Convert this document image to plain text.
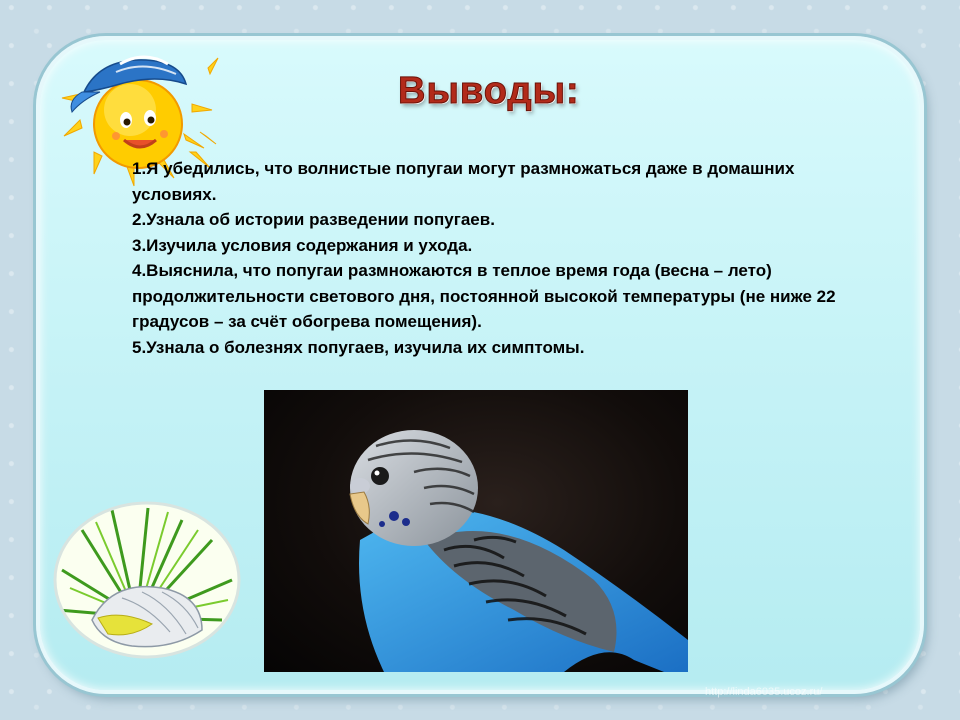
Выводы:
1.Я убедились, что волнистые попугаи могут размножаться даже в домашних условиях.
2.Узнала об истории разведении попугаев.
3.Изучила условия содержания и ухода.
4.Выяснила, что попугаи размножаются в теплое время года (весна – лето) продолжительности светового дня, постоянной высокой температуры (не ниже 22 градусов – за счёт обогрева помещения).
5.Узнала о болезнях попугаев, изучила их симптомы.
http://linda6035.ucoz.ru/
